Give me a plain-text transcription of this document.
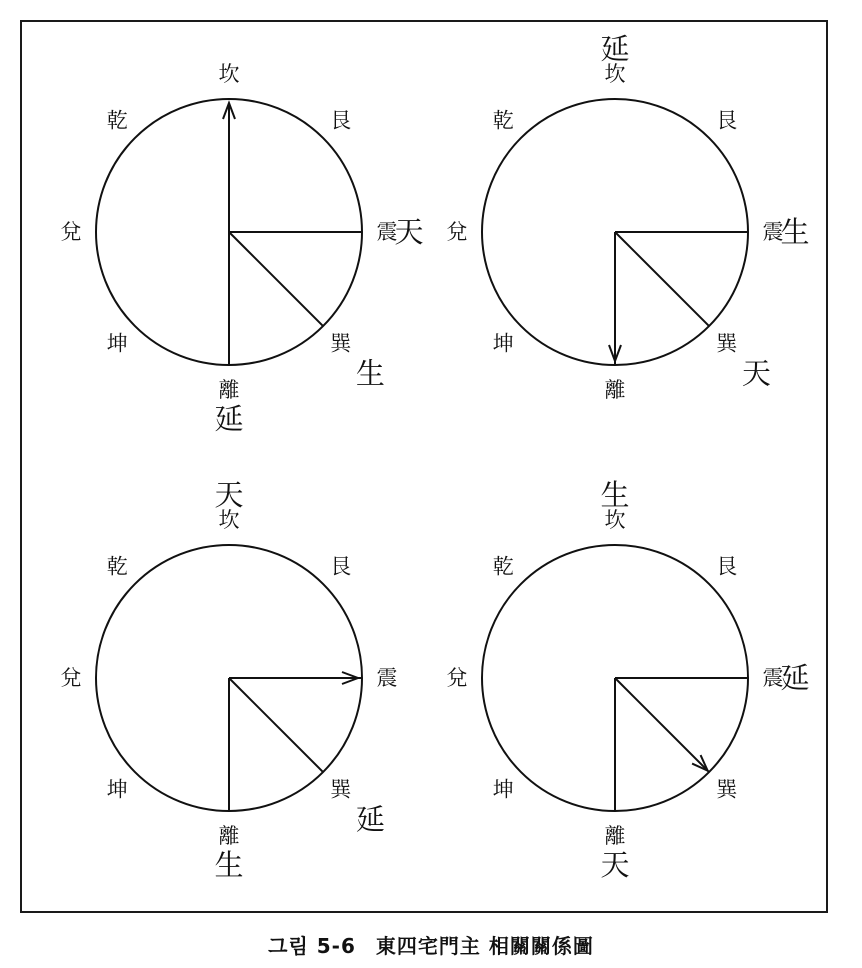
坎
艮
震
巽
離
坤
兌
乾
天
生
延
坎
艮
震
巽
離
坤
兌
乾
延
生
天
坎
艮
震
巽
離
坤
兌
乾
天
延
生
坎
艮
震
巽
離
坤
兌
乾
生
延
天
그림 5-6 東四宅門主 相關關係圖
